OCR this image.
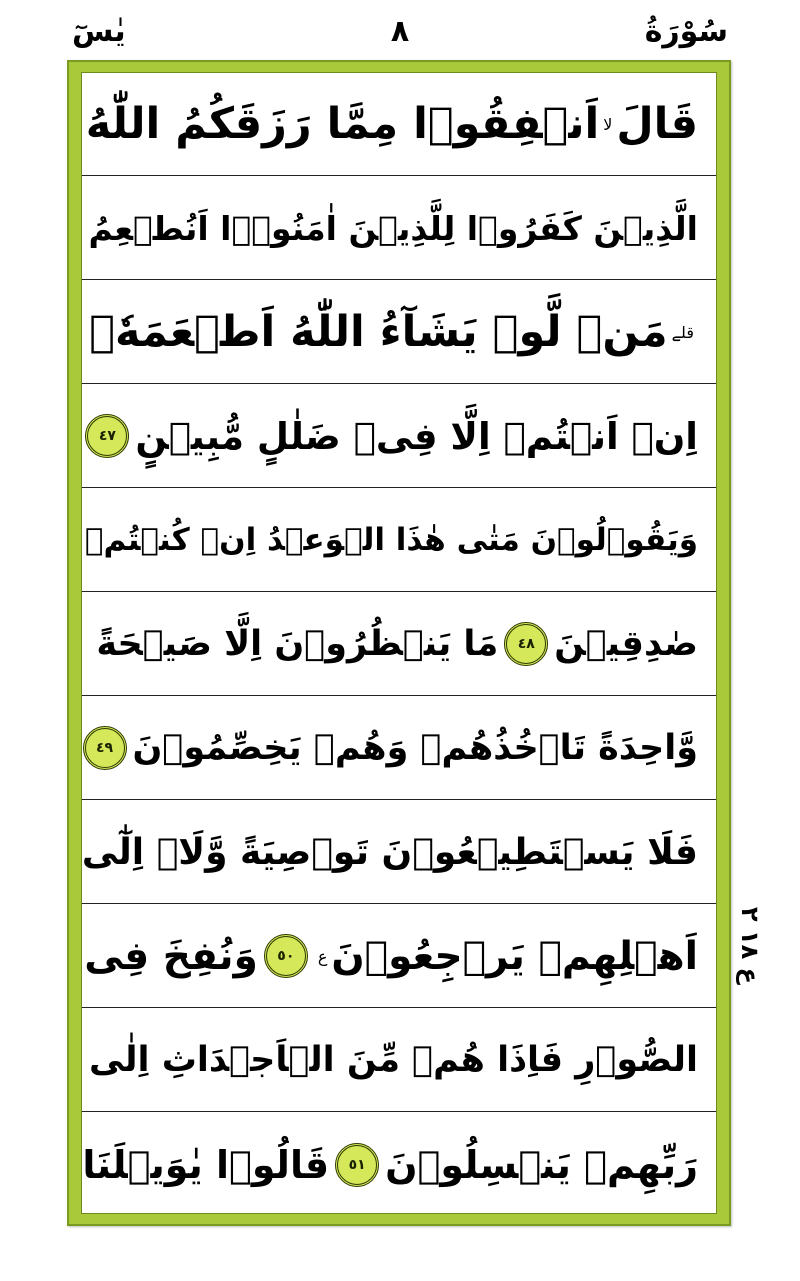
يٰسٓ	٨	سُوْرَةُ
قَالَ
لا
اَنۡفِقُوۡا مِمَّا رَزَقَكُمُ اللّٰهُ
الَّذِيۡنَ كَفَرُوۡا لِلَّذِيۡنَ اٰمَنُوۡۤا اَنُطۡعِمُ
قلے
مَنۡ لَّوۡ يَشَآءُ اللّٰهُ اَطۡعَمَهٗۤ
اِنۡ اَنۡتُمۡ اِلَّا فِىۡ ضَلٰلٍ مُّبِيۡنٍ
٤٧
وَيَقُوۡلُوۡنَ مَتٰى هٰذَا الۡوَعۡدُ اِنۡ كُنۡتُمۡ
صٰدِقِيۡنَ
٤٨
مَا يَنۡظُرُوۡنَ اِلَّا صَيۡحَةً
وَّاحِدَةً تَاۡخُذُهُمۡ وَهُمۡ يَخِصِّمُوۡنَ
٤٩
فَلَا يَسۡتَطِيۡعُوۡنَ تَوۡصِيَةً وَّلَاۤ اِلٰٓى
اَهۡلِهِمۡ يَرۡجِعُوۡنَ
ع
٥٠
وَنُفِخَ فِى
الصُّوۡرِ فَاِذَا هُمۡ مِّنَ الۡاَجۡدَاثِ اِلٰى
رَبِّهِمۡ يَنۡسِلُوۡنَ
٥١
قَالُوۡا يٰوَيۡلَنَا
ع ١٨ ٢
